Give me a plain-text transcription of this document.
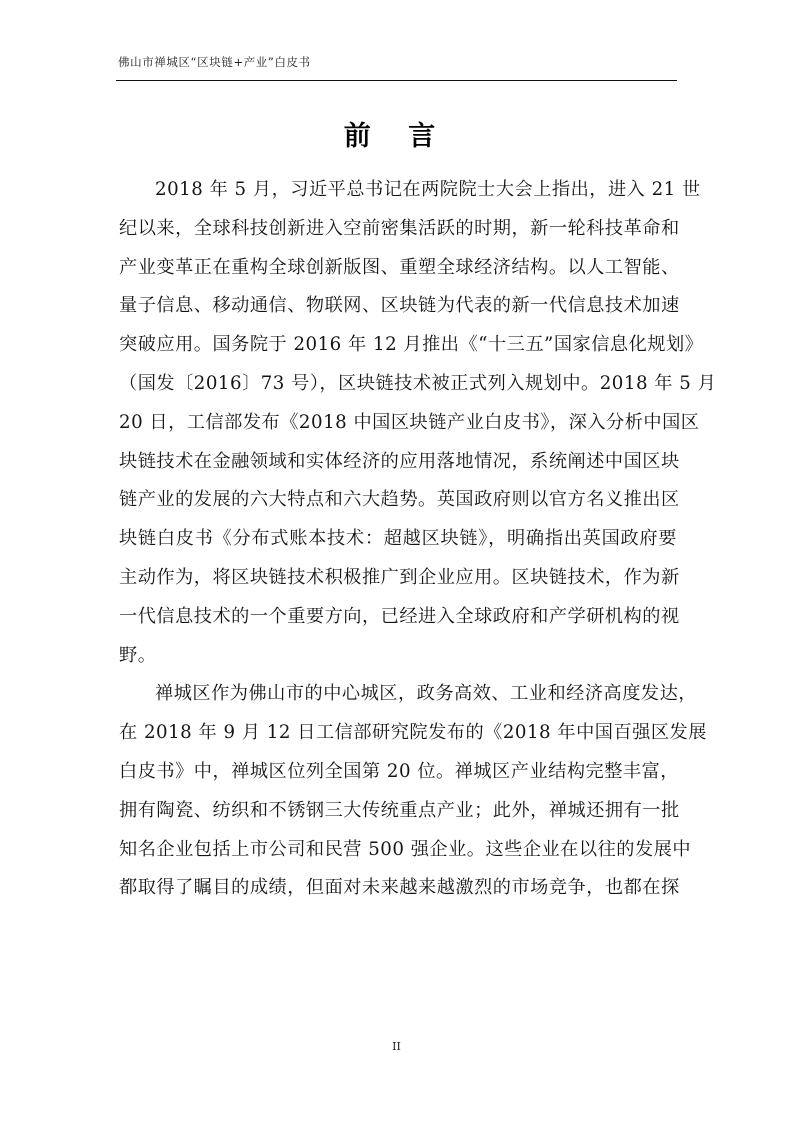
佛山市禅城区“区块链+产业”白皮书
前 言

2018 年 5 月，习近平总书记在两院院士大会上指出，进入 21 世
纪以来，全球科技创新进入空前密集活跃的时期，新一轮科技革命和
产业变革正在重构全球创新版图、重塑全球经济结构。以人工智能、
量子信息、移动通信、物联网、区块链为代表的新一代信息技术加速
突破应用。国务院于 2016 年 12 月推出《“十三五”国家信息化规划》
（国发〔2016〕73 号），区块链技术被正式列入规划中。2018 年 5 月
20 日，工信部发布《2018 中国区块链产业白皮书》，深入分析中国区
块链技术在金融领域和实体经济的应用落地情况，系统阐述中国区块
链产业的发展的六大特点和六大趋势。英国政府则以官方名义推出区
块链白皮书《分布式账本技术：超越区块链》，明确指出英国政府要
主动作为，将区块链技术积极推广到企业应用。区块链技术，作为新
一代信息技术的一个重要方向，已经进入全球政府和产学研机构的视
野。

禅城区作为佛山市的中心城区，政务高效、工业和经济高度发达，
在 2018 年 9 月 12 日工信部研究院发布的《2018 年中国百强区发展
白皮书》中，禅城区位列全国第 20 位。禅城区产业结构完整丰富，
拥有陶瓷、纺织和不锈钢三大传统重点产业；此外，禅城还拥有一批
知名企业包括上市公司和民营 500 强企业。这些企业在以往的发展中
都取得了瞩目的成绩，但面对未来越来越激烈的市场竞争，也都在探

II
